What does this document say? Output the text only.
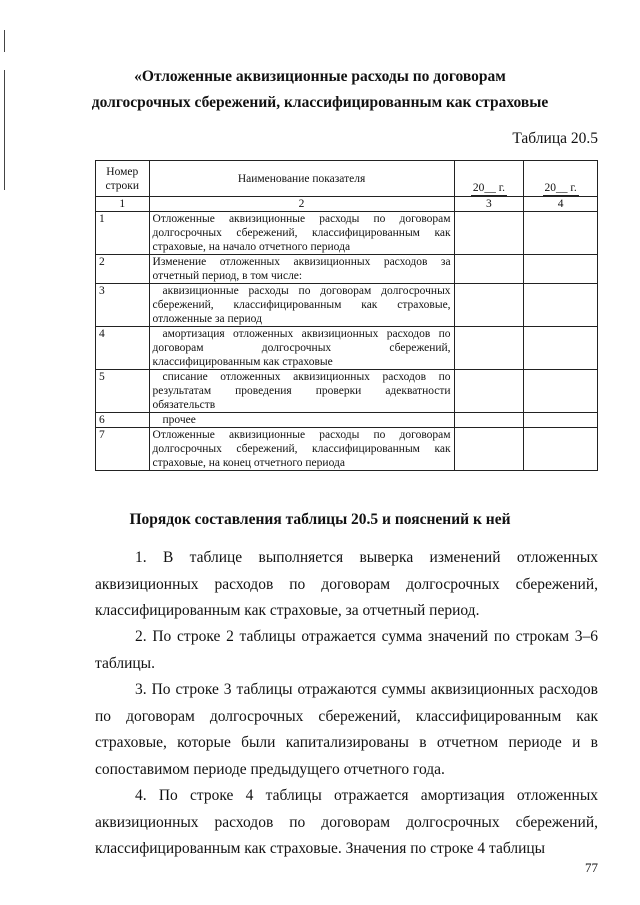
«Отложенные аквизиционные расходы по договорам
долгосрочных сбережений, классифицированным как страховые
Таблица 20.5
Номер строки	Наименование показателя	20__ г.	20__ г.
1	2	3	4
1	Отложенные аквизиционные расходы по договорам долгосрочных сбережений, классифицированным как страховые, на начало отчетного периода		
2	Изменение отложенных аквизиционных расходов за отчетный период, в том числе:		
3	аквизиционные расходы по договорам долгосрочных сбережений, классифицированным как страховые, отложенные за период		
4	амортизация отложенных аквизиционных расходов по договорам долгосрочных сбережений, классифицированным как страховые		
5	списание отложенных аквизиционных расходов по результатам проведения проверки адекватности обязательств		
6	прочее		
7	Отложенные аквизиционные расходы по договорам долгосрочных сбережений, классифицированным как страховые, на конец отчетного периода		
Порядок составления таблицы 20.5 и пояснений к ней
1. В таблице выполняется выверка изменений отложенных аквизиционных расходов по договорам долгосрочных сбережений, классифицированным как страховые, за отчетный период.
2. По строке 2 таблицы отражается сумма значений по строкам 3–6 таблицы.
3. По строке 3 таблицы отражаются суммы аквизиционных расходов по договорам долгосрочных сбережений, классифицированным как страховые, которые были капитализированы в отчетном периоде и в сопоставимом периоде предыдущего отчетного года.
4. По строке 4 таблицы отражается амортизация отложенных аквизиционных расходов по договорам долгосрочных сбережений, классифицированным как страховые. Значения по строке 4 таблицы
77
